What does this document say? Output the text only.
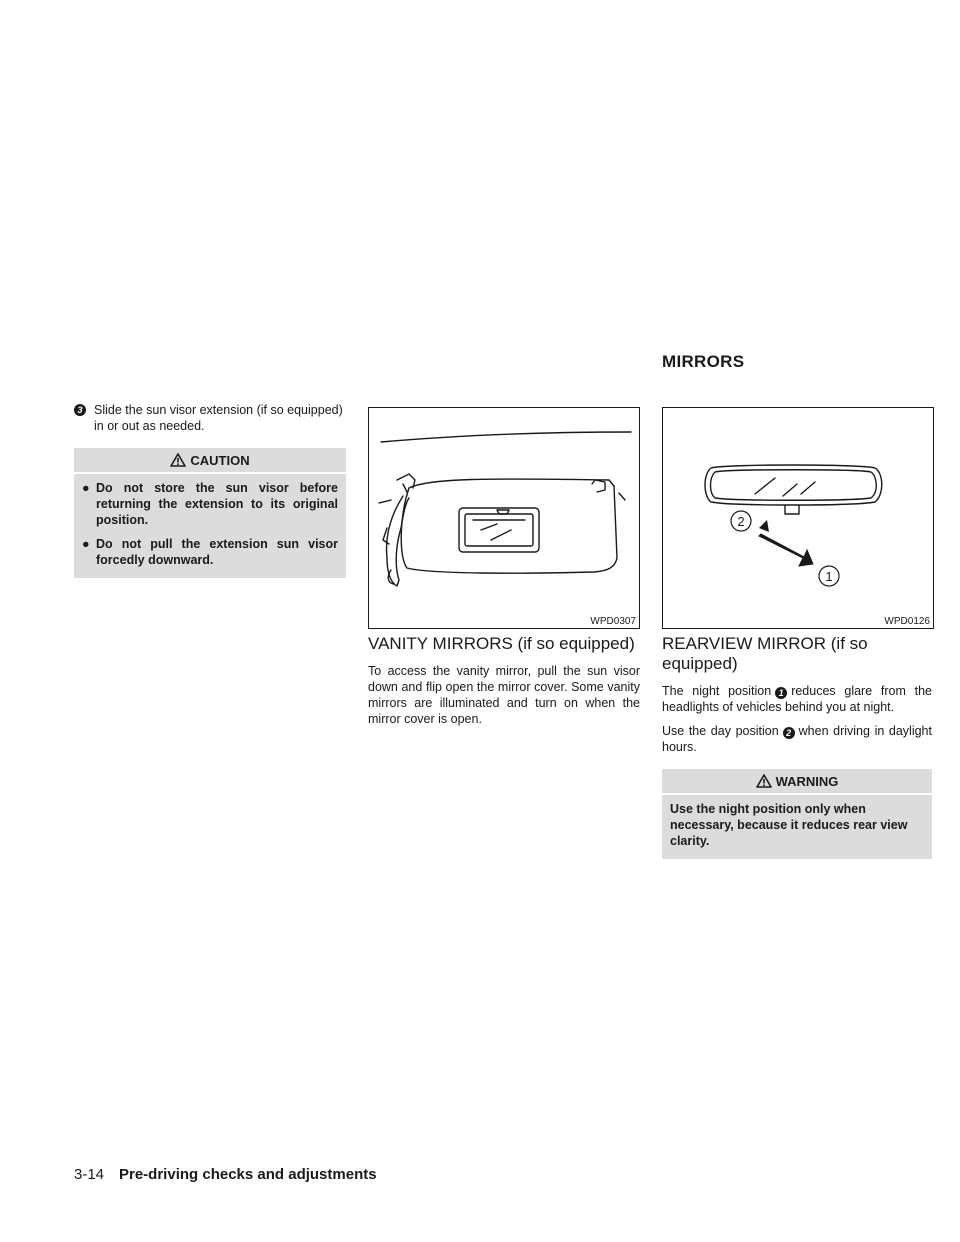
MIRRORS
3 Slide the sun visor extension (if so equipped) in or out as needed.
CAUTION
● Do not store the sun visor before returning the extension to its original position.
● Do not pull the extension sun visor forcedly downward.
WPD0307
VANITY MIRRORS (if so equipped)
To access the vanity mirror, pull the sun visor down and flip open the mirror cover. Some vanity mirrors are illuminated and turn on when the mirror cover is open.
2
1
WPD0126
REARVIEW MIRROR (if so equipped)
The night position 1 reduces glare from the headlights of vehicles behind you at night.
Use the day position 2 when driving in daylight hours.
WARNING
Use the night position only when necessary, because it reduces rear view clarity.
3-14 Pre-driving checks and adjustments
